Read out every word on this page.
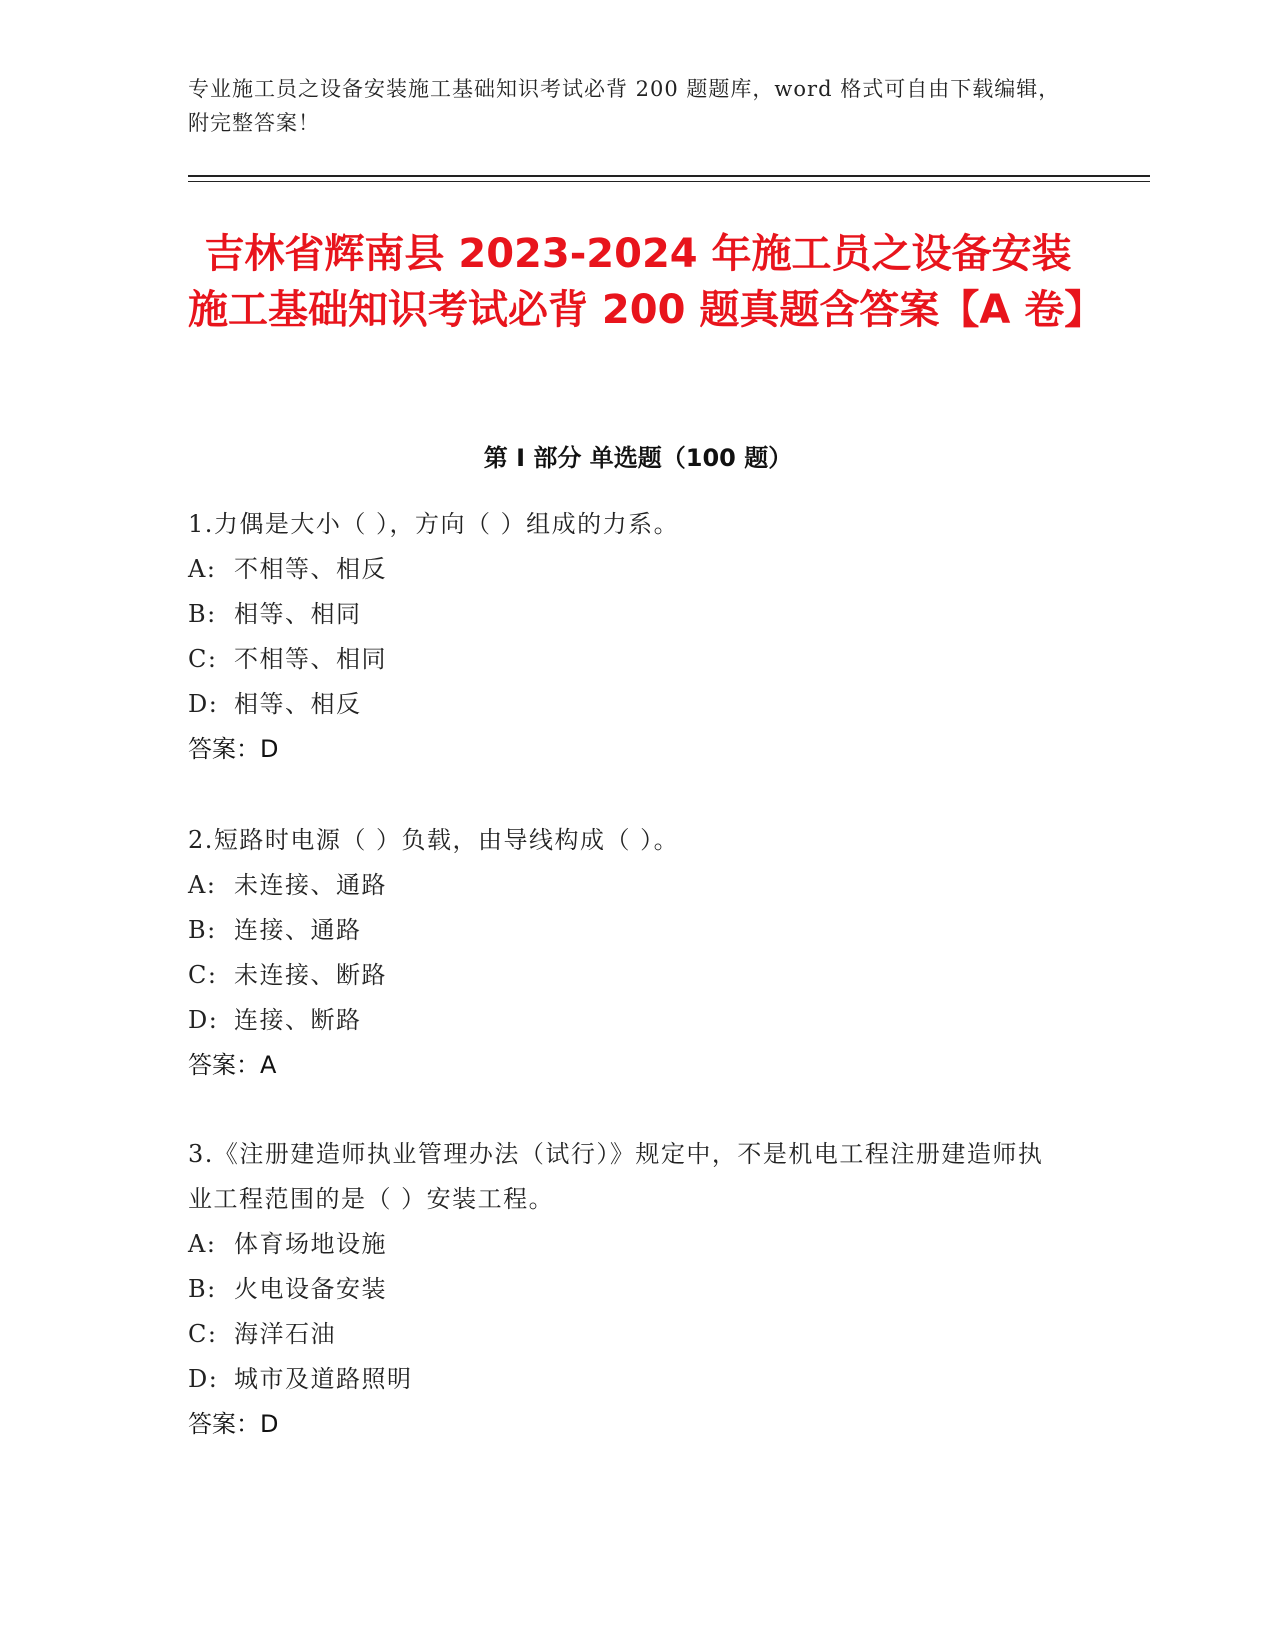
专业施工员之设备安装施工基础知识考试必背 200 题题库，word 格式可自由下载编辑，附完整答案！
吉林省辉南县 2023-2024 年施工员之设备安装施工基础知识考试必背 200 题真题含答案【A 卷】
第 I 部分 单选题（100 题）
1.力偶是大小（ ），方向（ ）组成的力系。
A: 不相等、相反
B: 相等、相同
C: 不相等、相同
D: 相等、相反
答案：D
2.短路时电源（ ）负载，由导线构成（ ）。
A: 未连接、通路
B: 连接、通路
C: 未连接、断路
D: 连接、断路
答案：A
3.《注册建造师执业管理办法（试行）》规定中，不是机电工程注册建造师执业工程范围的是（ ）安装工程。
A: 体育场地设施
B: 火电设备安装
C: 海洋石油
D: 城市及道路照明
答案：D
